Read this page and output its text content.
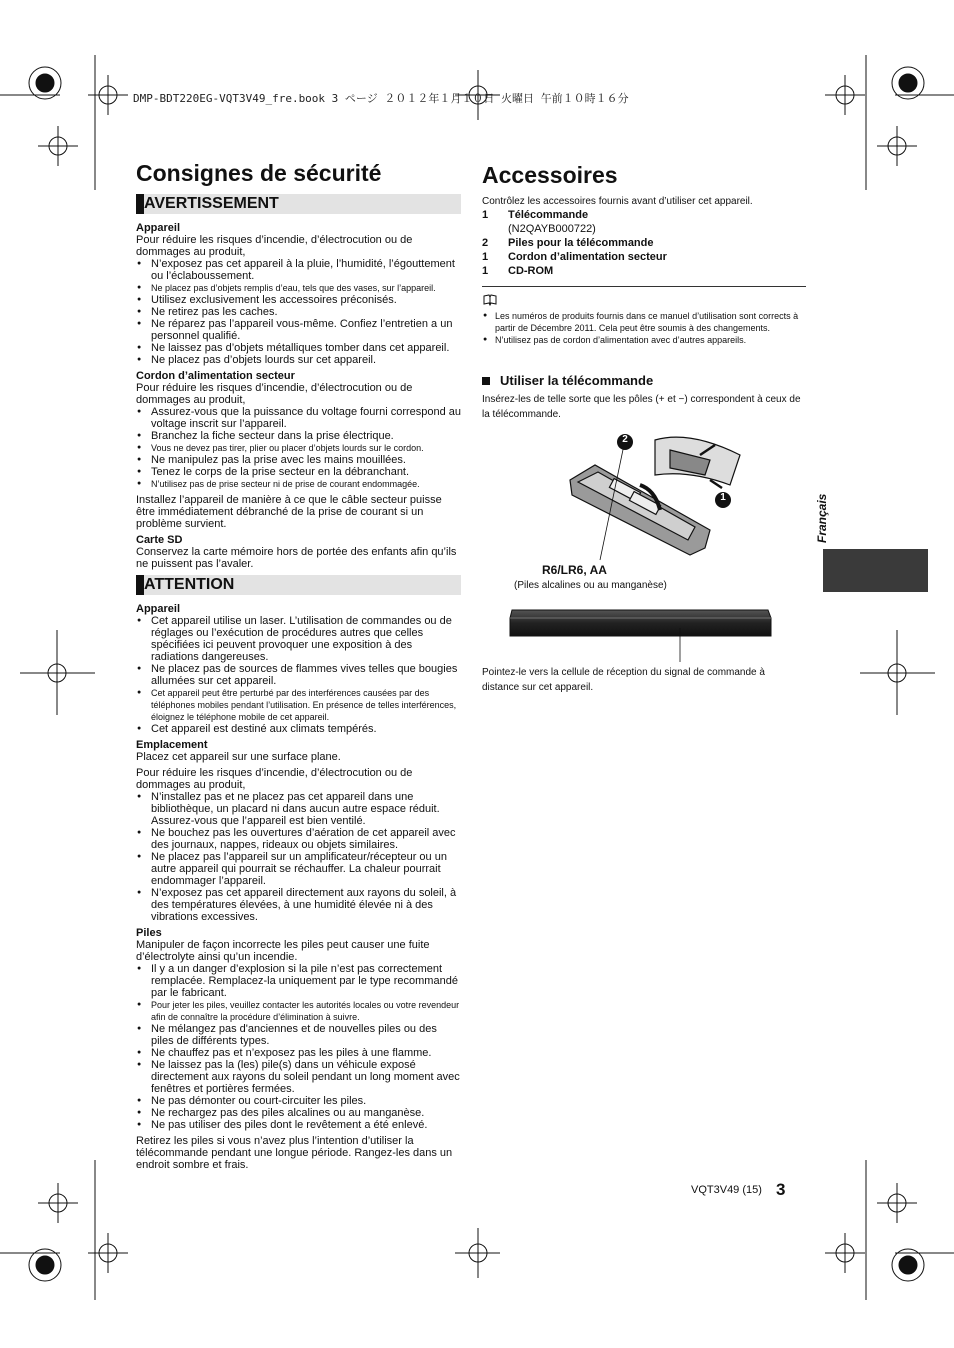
DMP-BDT220EG-VQT3V49_fre.book 3 ページ ２０１２年１月１０日 火曜日 午前１０時１６分
Consignes de sécurité
AVERTISSEMENT

Appareil

Pour réduire les risques d’incendie, d’électrocution ou de dommages au produit,

● N’exposez pas cet appareil à la pluie, l’humidité, l’égouttement ou l’éclaboussement.
● Ne placez pas d’objets remplis d’eau, tels que des vases, sur l’appareil.
● Utilisez exclusivement les accessoires préconisés.
● Ne retirez pas les caches.
● Ne réparez pas l’appareil vous-même. Confiez l’entretien a un personnel qualifié.
● Ne laissez pas d’objets métalliques tomber dans cet appareil.
● Ne placez pas d’objets lourds sur cet appareil.

Cordon d’alimentation secteur

Pour réduire les risques d’incendie, d’électrocution ou de dommages au produit,

● Assurez-vous que la puissance du voltage fourni correspond au voltage inscrit sur l’appareil.
● Branchez la fiche secteur dans la prise électrique.
● Vous ne devez pas tirer, plier ou placer d’objets lourds sur le cordon.
● Ne manipulez pas la prise avec les mains mouillées.
● Tenez le corps de la prise secteur en la débranchant.
● N’utilisez pas de prise secteur ni de prise de courant endommagée.

Installez l’appareil de manière à ce que le câble secteur puisse être immédiatement débranché de la prise de courant si un problème survient.

Carte SD

Conservez la carte mémoire hors de portée des enfants afin qu’ils ne puissent pas l’avaler.

ATTENTION

Appareil

● Cet appareil utilise un laser. L’utilisation de commandes ou de réglages ou l’exécution de procédures autres que celles spécifiées ici peuvent provoquer une exposition à des radiations dangereuses.
● Ne placez pas de sources de flammes vives telles que bougies allumées sur cet appareil.
● Cet appareil peut être perturbé par des interférences causées par des téléphones mobiles pendant l’utilisation. En présence de telles interférences, éloignez le téléphone mobile de cet appareil.
● Cet appareil est destiné aux climats tempérés.

Emplacement

Placez cet appareil sur une surface plane.

Pour réduire les risques d’incendie, d’électrocution ou de dommages au produit,

● N’installez pas et ne placez pas cet appareil dans une bibliothèque, un placard ni dans aucun autre espace réduit. Assurez-vous que l’appareil est bien ventilé.
● Ne bouchez pas les ouvertures d’aération de cet appareil avec des journaux, nappes, rideaux ou objets similaires.
● Ne placez pas l’appareil sur un amplificateur/récepteur ou un autre appareil qui pourrait se réchauffer. La chaleur pourrait endommager l’appareil.
● N’exposez pas cet appareil directement aux rayons du soleil, à des températures élevées, à une humidité élevée ni à des vibrations excessives.

Piles

Manipuler de façon incorrecte les piles peut causer une fuite d’électrolyte ainsi qu’un incendie.

● Il y a un danger d’explosion si la pile n’est pas correctement remplacée. Remplacez-la uniquement par le type recommandé par le fabricant.
● Pour jeter les piles, veuillez contacter les autorités locales ou votre revendeur afin de connaître la procédure d’élimination à suivre.
● Ne mélangez pas d'anciennes et de nouvelles piles ou des piles de différents types.
● Ne chauffez pas et n’exposez pas les piles à une flamme.
● Ne laissez pas la (les) pile(s) dans un véhicule exposé directement aux rayons du soleil pendant un long moment avec fenêtres et portières fermées.
● Ne pas démonter ou court-circuiter les piles.
● Ne rechargez pas des piles alcalines ou au manganèse.
● Ne pas utiliser des piles dont le revêtement a été enlevé.

Retirez les piles si vous n’avez plus l’intention d’utiliser la télécommande pendant une longue période. Rangez-les dans un endroit sombre et frais.

Accessoires
Contrôlez les accessoires fournis avant d’utiliser cet appareil.
1	Télécommande
(N2QAYB000722)
2	Piles pour la télécommande
1	Cordon d’alimentation secteur
1	CD-ROM
● Les numéros de produits fournis dans ce manuel d’utilisation sont corrects à partir de Décembre 2011. Cela peut être soumis à des changements.
● N’utilisez pas de cordon d’alimentation avec d’autres appareils.
Utiliser la télécommande
Insérez-les de telle sorte que les pôles (+ et −) correspondent à ceux de la télécommande.
2
1
R6/LR6, AA
(Piles alcalines ou au manganèse)
Pointez-le vers la cellule de réception du signal de commande à distance sur cet appareil.
Français
VQT3V49 (15) 3
